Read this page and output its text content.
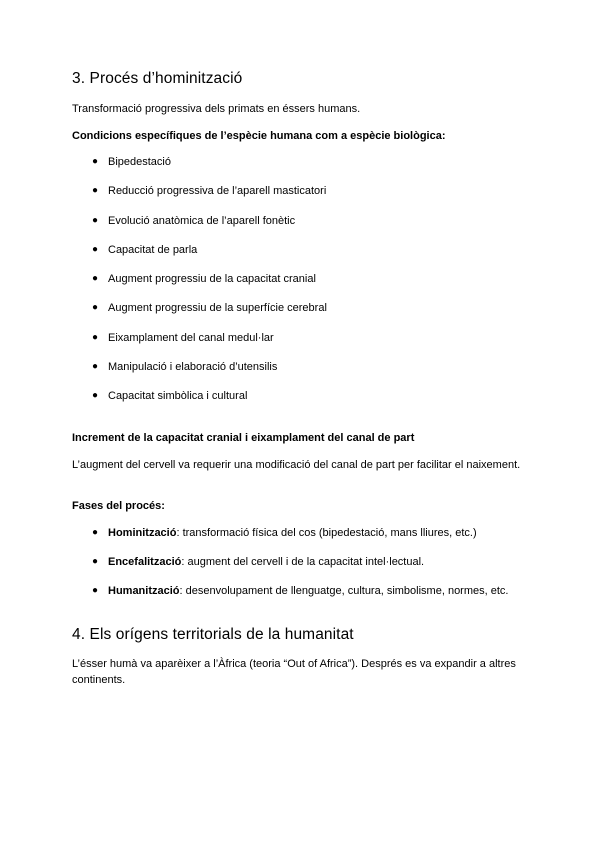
3. Procés d’hominització

Transformació progressiva dels primats en éssers humans.

Condicions específiques de l’espècie humana com a espècie biològica:

● Bipedestació
● Reducció progressiva de l’aparell masticatori
● Evolució anatòmica de l’aparell fonètic
● Capacitat de parla
● Augment progressiu de la capacitat cranial
● Augment progressiu de la superfície cerebral
● Eixamplament del canal medul·lar
● Manipulació i elaboració d’utensilis
● Capacitat simbòlica i cultural

Increment de la capacitat cranial i eixamplament del canal de part

L’augment del cervell va requerir una modificació del canal de part per facilitar el naixement.

Fases del procés:

● Hominització: transformació física del cos (bipedestació, mans lliures, etc.)
● Encefalització: augment del cervell i de la capacitat intel·lectual.
● Humanització: desenvolupament de llenguatge, cultura, simbolisme, normes, etc.
4. Els orígens territorials de la humanitat

L’ésser humà va aparèixer a l’Àfrica (teoria “Out of Africa”). Després es va expandir a altres

continents.
